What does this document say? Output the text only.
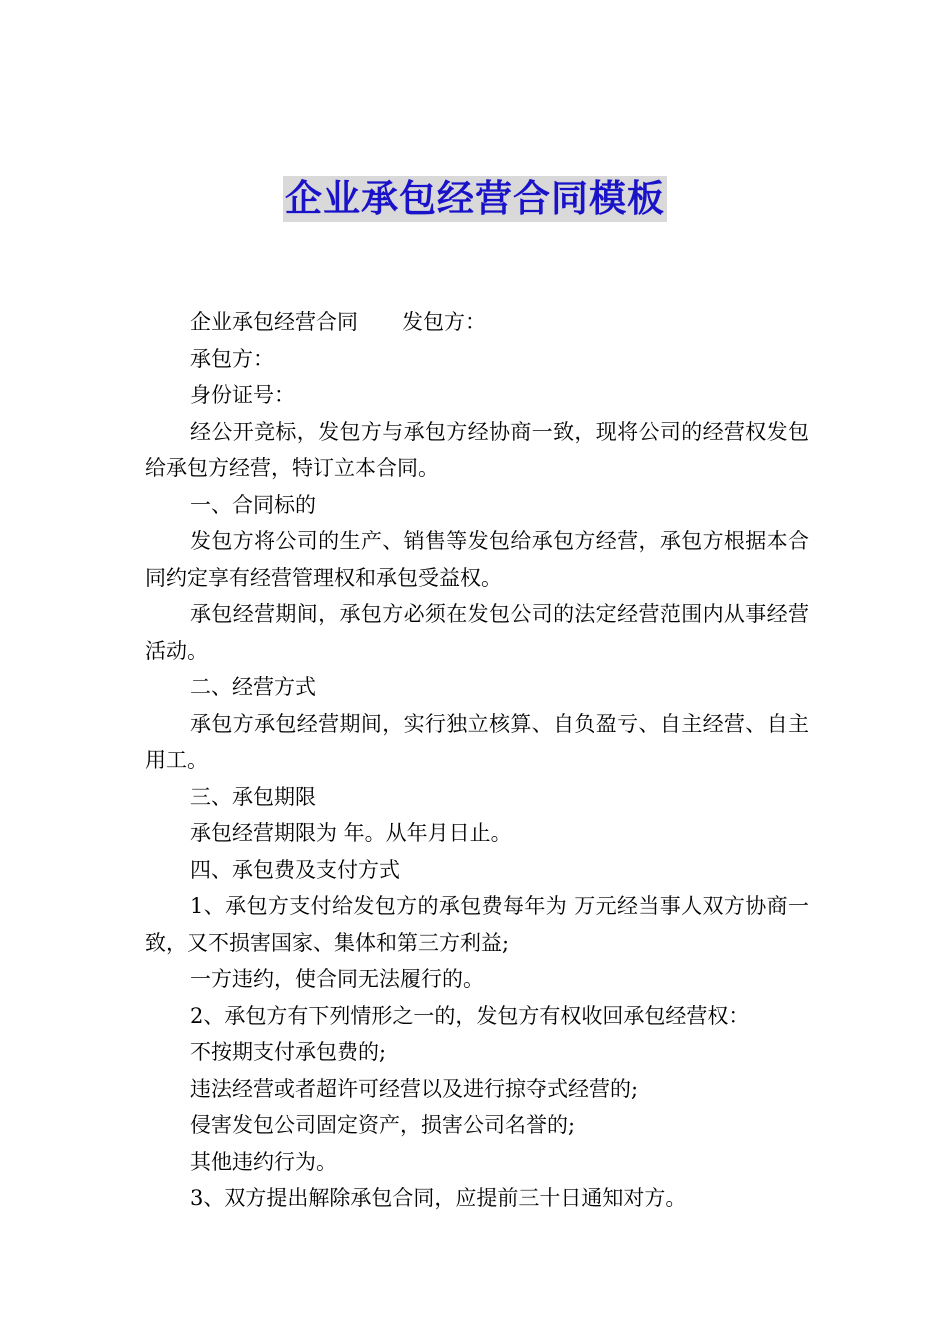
企业承包经营合同模板

企业承包经营合同 发包方：

承包方：

身份证号：

经公开竞标，发包方与承包方经协商一致，现将公司的经营权发包给承包方经营，特订立本合同。

一、合同标的

发包方将公司的生产、销售等发包给承包方经营，承包方根据本合同约定享有经营管理权和承包受益权。

承包经营期间，承包方必须在发包公司的法定经营范围内从事经营活动。

二、经营方式

承包方承包经营期间，实行独立核算、自负盈亏、自主经营、自主用工。

三、承包期限

承包经营期限为 年。从年月日止。

四、承包费及支付方式

1、承包方支付给发包方的承包费每年为 万元经当事人双方协商一致，又不损害国家、集体和第三方利益;

一方违约，使合同无法履行的。

2、承包方有下列情形之一的，发包方有权收回承包经营权：

不按期支付承包费的;

违法经营或者超许可经营以及进行掠夺式经营的;

侵害发包公司固定资产，损害公司名誉的;

其他违约行为。

3、双方提出解除承包合同，应提前三十日通知对方。
